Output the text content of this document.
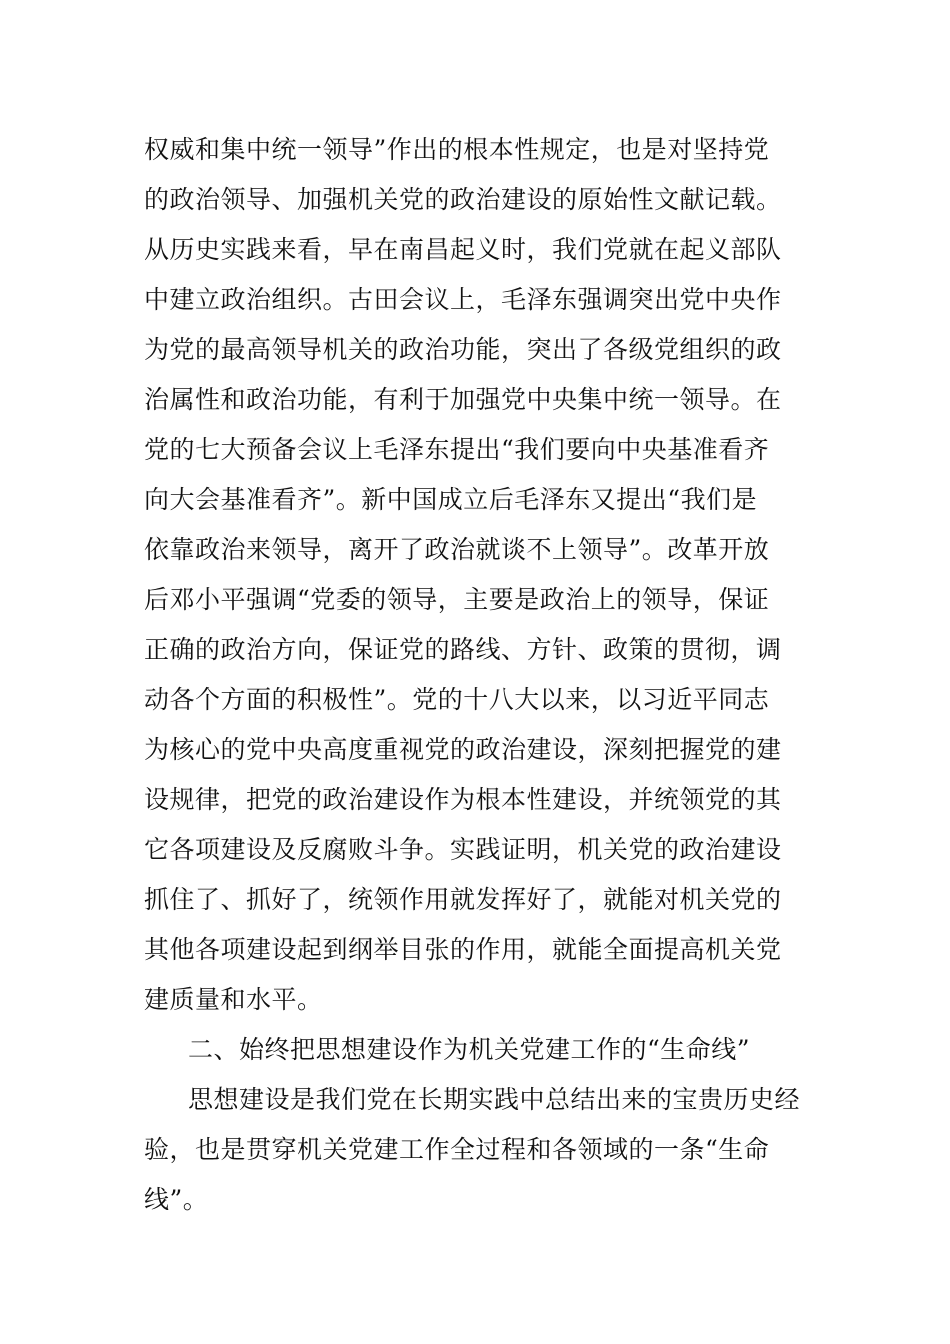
权威和集中统一领导”作出的根本性规定，也是对坚持党
的政治领导、加强机关党的政治建设的原始性文献记载。
从历史实践来看，早在南昌起义时，我们党就在起义部队
中建立政治组织。古田会议上，毛泽东强调突出党中央作
为党的最高领导机关的政治功能，突出了各级党组织的政
治属性和政治功能，有利于加强党中央集中统一领导。在
党的七大预备会议上毛泽东提出“我们要向中央基准看齐
向大会基准看齐”。新中国成立后毛泽东又提出“我们是
依靠政治来领导，离开了政治就谈不上领导”。改革开放
后邓小平强调“党委的领导，主要是政治上的领导，保证
正确的政治方向，保证党的路线、方针、政策的贯彻，调
动各个方面的积极性”。党的十八大以来，以习近平同志
为核心的党中央高度重视党的政治建设，深刻把握党的建
设规律，把党的政治建设作为根本性建设，并统领党的其
它各项建设及反腐败斗争。实践证明，机关党的政治建设
抓住了、抓好了，统领作用就发挥好了，就能对机关党的
其他各项建设起到纲举目张的作用，就能全面提高机关党
建质量和水平。
二、始终把思想建设作为机关党建工作的“生命线”
思想建设是我们党在长期实践中总结出来的宝贵历史经
验，也是贯穿机关党建工作全过程和各领域的一条“生命
线”。
